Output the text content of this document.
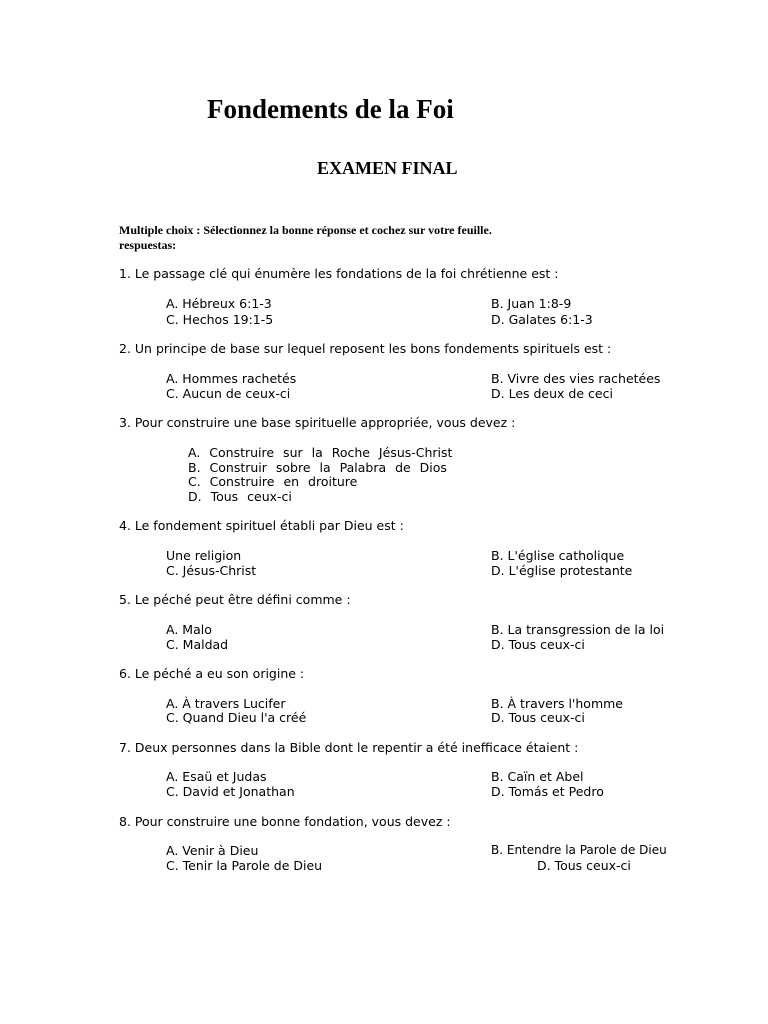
Fondements de la Foi
EXAMEN FINAL
Multiple choix : Sélectionnez la bonne réponse et cochez sur votre feuille.
respuestas:
1. Le passage clé qui énumère les fondations de la foi chrétienne est :
A. Hébreux 6:1-3	B. Juan 1:8-9
C. Hechos 19:1-5	D. Galates 6:1-3
2. Un principe de base sur lequel reposent les bons fondements spirituels est :
A. Hommes rachetés	B. Vivre des vies rachetées
C. Aucun de ceux-ci	D. Les deux de ceci
3. Pour construire une base spirituelle appropriée, vous devez :
A. Construire sur la Roche Jésus-Christ
B. Construir sobre la Palabra de Dios
C. Construire en droiture
D. Tous ceux-ci
4. Le fondement spirituel établi par Dieu est :
Une religion	B. L'église catholique
C. Jésus-Christ	D. L'église protestante
5. Le péché peut être défini comme :
A. Malo	B. La transgression de la loi
C. Maldad	D. Tous ceux-ci
6. Le péché a eu son origine :
A. À travers Lucifer	B. À travers l'homme
C. Quand Dieu l'a créé	D. Tous ceux-ci
7. Deux personnes dans la Bible dont le repentir a été inefficace étaient :
A. Esaü et Judas	B. Caïn et Abel
C. David et Jonathan	D. Tomás et Pedro
8. Pour construire une bonne fondation, vous devez :
A. Venir à Dieu	B. Entendre la Parole de Dieu
C. Tenir la Parole de Dieu	D. Tous ceux-ci
